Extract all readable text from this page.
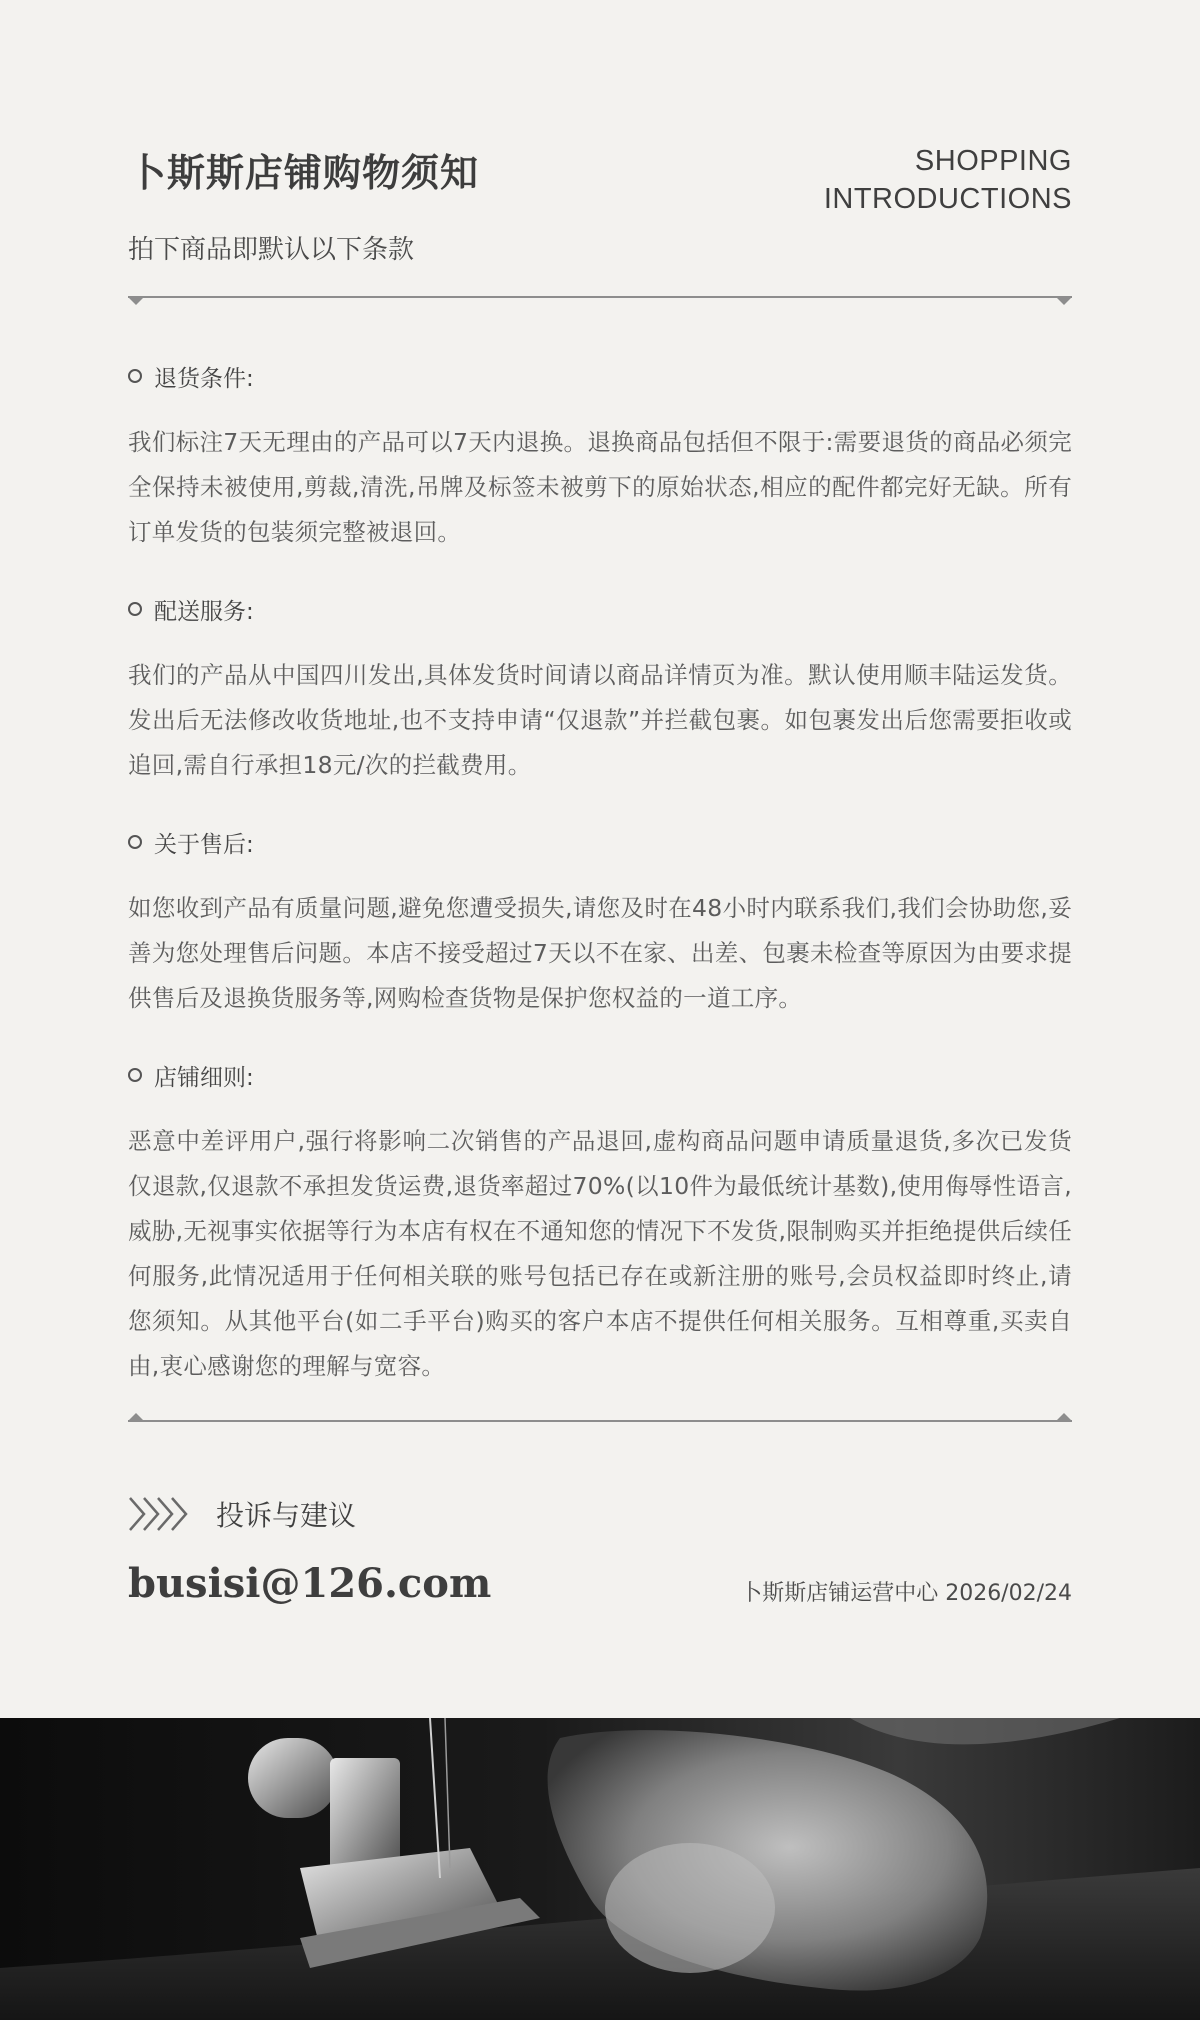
卜斯斯店铺购物须知
拍下商品即默认以下条款
SHOPPING
INTRODUCTIONS
退货条件:
我们标注7天无理由的产品可以7天内退换。退换商品包括但不限于:需要退货的商品必须完全保持未被使用,剪裁,清洗,吊牌及标签未被剪下的原始状态,相应的配件都完好无缺。所有订单发货的包装须完整被退回。
配送服务:
我们的产品从中国四川发出,具体发货时间请以商品详情页为准。默认使用顺丰陆运发货。发出后无法修改收货地址,也不支持申请“仅退款”并拦截包裹。如包裹发出后您需要拒收或追回,需自行承担18元/次的拦截费用。
关于售后:
如您收到产品有质量问题,避免您遭受损失,请您及时在48小时内联系我们,我们会协助您,妥善为您处理售后问题。本店不接受超过7天以不在家、出差、包裹未检查等原因为由要求提供售后及退换货服务等,网购检查货物是保护您权益的一道工序。
店铺细则:
恶意中差评用户,强行将影响二次销售的产品退回,虚构商品问题申请质量退货,多次已发货仅退款,仅退款不承担发货运费,退货率超过70%(以10件为最低统计基数),使用侮辱性语言,威胁,无视事实依据等行为本店有权在不通知您的情况下不发货,限制购买并拒绝提供后续任何服务,此情况适用于任何相关联的账号包括已存在或新注册的账号,会员权益即时终止,请您须知。从其他平台(如二手平台)购买的客户本店不提供任何相关服务。互相尊重,买卖自由,衷心感谢您的理解与宽容。
投诉与建议
busisi@126.com	卜斯斯店铺运营中心 2026/02/24
